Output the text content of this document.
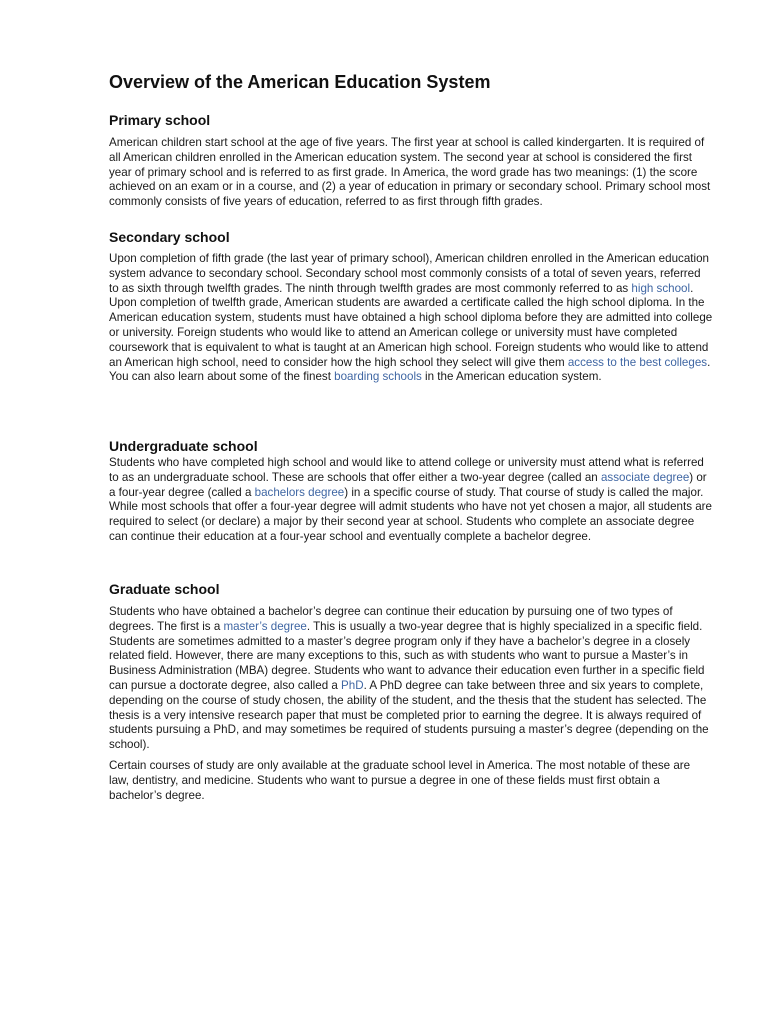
Overview of the American Education System
Primary school

American children start school at the age of five years. The first year at school is called kindergarten. It is required of all American children enrolled in the American education system. The second year at school is considered the first year of primary school and is referred to as first grade. In America, the word grade has two meanings: (1) the score achieved on an exam or in a course, and (2) a year of education in primary or secondary school. Primary school most commonly consists of five years of education, referred to as first through fifth grades.

Secondary school

Upon completion of fifth grade (the last year of primary school), American children enrolled in the American education system advance to secondary school. Secondary school most commonly consists of a total of seven years, referred to as sixth through twelfth grades. The ninth through twelfth grades are most commonly referred to as high school. Upon completion of twelfth grade, American students are awarded a certificate called the high school diploma. In the American education system, students must have obtained a high school diploma before they are admitted into college or university. Foreign students who would like to attend an American college or university must have completed coursework that is equivalent to what is taught at an American high school. Foreign students who would like to attend an American high school, need to consider how the high school they select will give them access to the best colleges. You can also learn about some of the finest boarding schools in the American education system.

Undergraduate school

Students who have completed high school and would like to attend college or university must attend what is referred to as an undergraduate school. These are schools that offer either a two-year degree (called an associate degree) or a four-year degree (called a bachelors degree) in a specific course of study. That course of study is called the major. While most schools that offer a four-year degree will admit students who have not yet chosen a major, all students are required to select (or declare) a major by their second year at school. Students who complete an associate degree can continue their education at a four-year school and eventually complete a bachelor degree.

Graduate school

Students who have obtained a bachelor’s degree can continue their education by pursuing one of two types of degrees. The first is a master’s degree. This is usually a two-year degree that is highly specialized in a specific field. Students are sometimes admitted to a master’s degree program only if they have a bachelor’s degree in a closely related field. However, there are many exceptions to this, such as with students who want to pursue a Master’s in Business Administration (MBA) degree. Students who want to advance their education even further in a specific field can pursue a doctorate degree, also called a PhD. A PhD degree can take between three and six years to complete, depending on the course of study chosen, the ability of the student, and the thesis that the student has selected. The thesis is a very intensive research paper that must be completed prior to earning the degree. It is always required of students pursuing a PhD, and may sometimes be required of students pursuing a master’s degree (depending on the school).

Certain courses of study are only available at the graduate school level in America. The most notable of these are law, dentistry, and medicine. Students who want to pursue a degree in one of these fields must first obtain a bachelor’s degree.
